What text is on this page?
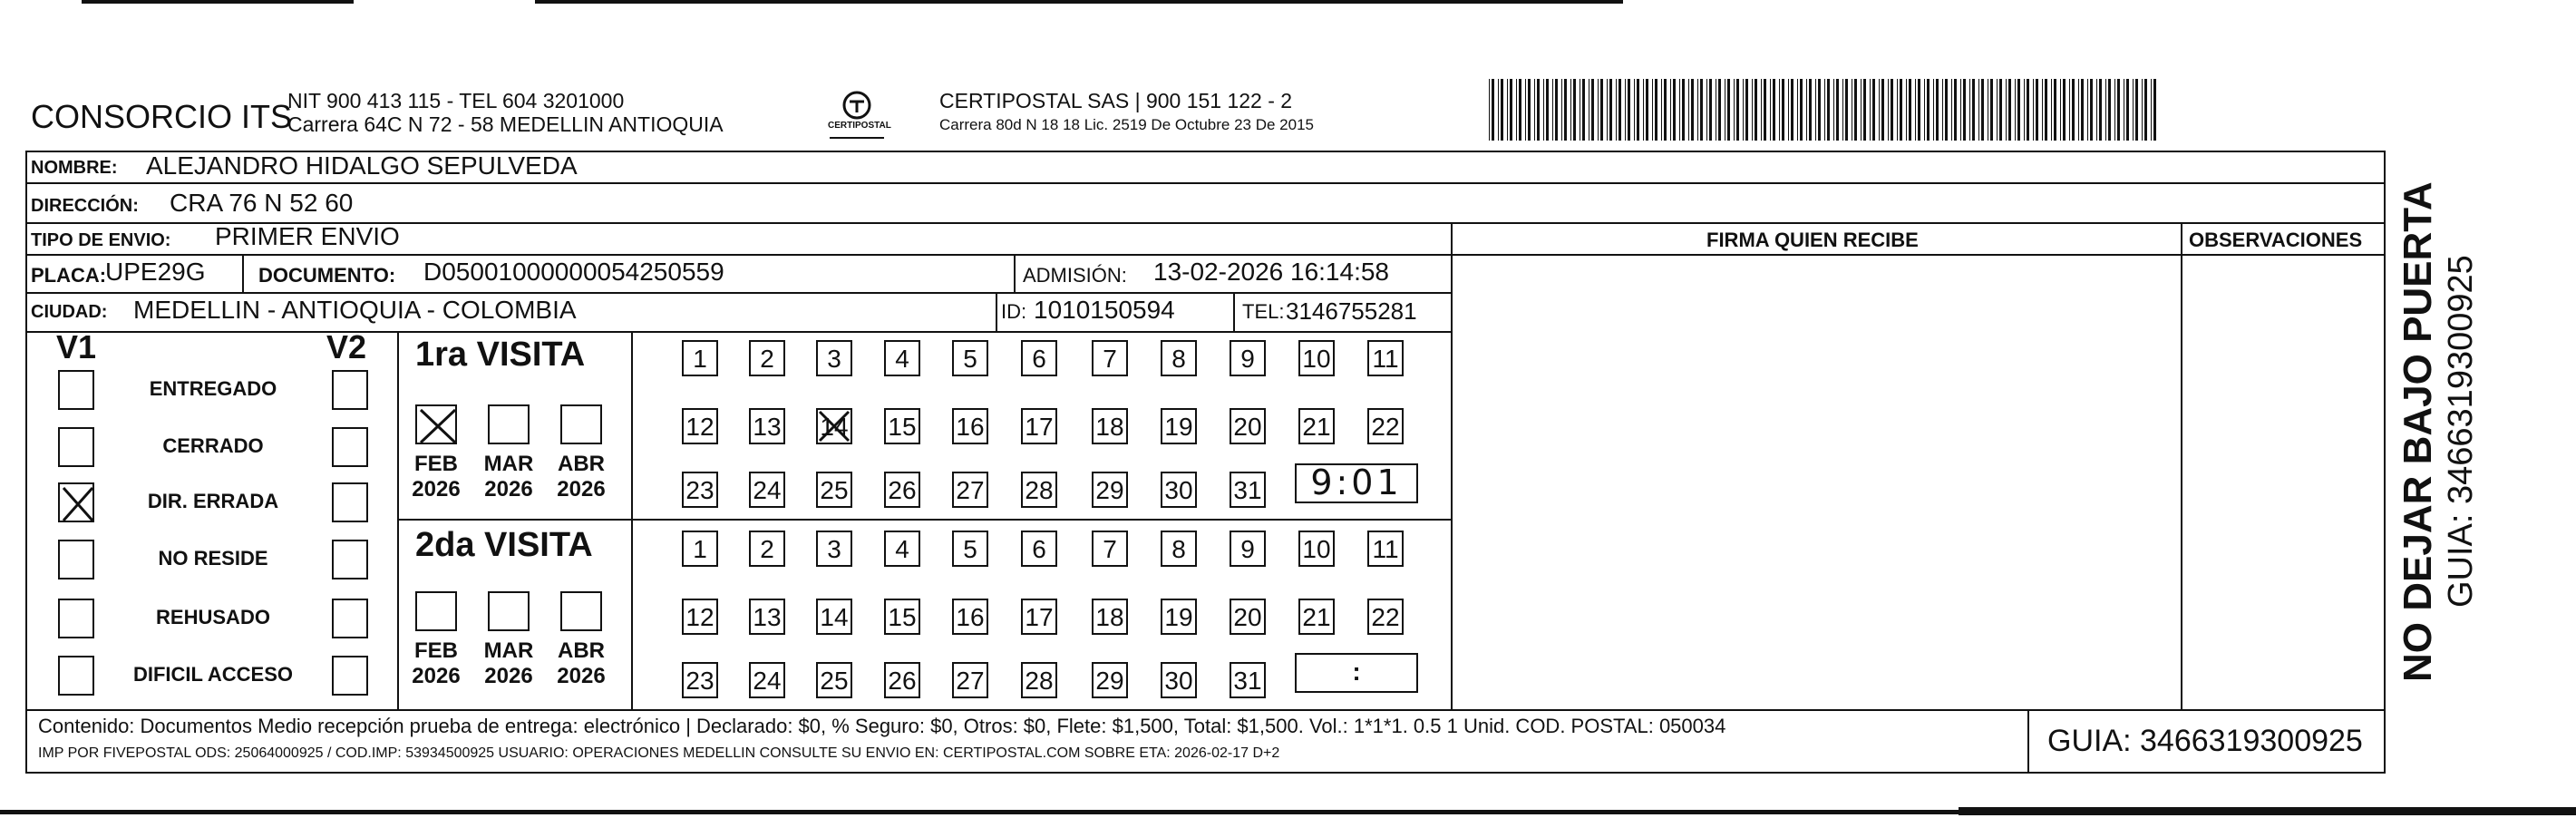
CONSORCIO ITS
NIT 900 413 115 - TEL 604 3201000
Carrera 64C N 72 - 58 MEDELLIN ANTIOQUIA	CERTIPOSTAL
CERTIPOSTAL SAS | 900 151 122 - 2
Carrera 80d N 18 18 Lic. 2519 De Octubre 23 De 2015
NOMBRE: ALEJANDRO HIDALGO SEPULVEDA
DIRECCIÓN: CRA 76 N 52 60
TIPO DE ENVIO: PRIMER ENVIO
PLACA:
UPE29G	DOCUMENTO: D05001000000054250559	ADMISIÓN: 13-02-2026 16:14:58
CIUDAD: MEDELLIN - ANTIOQUIA - COLOMBIA	ID: 1010150594	TEL: 3146755281
FIRMA QUIEN RECIBE	OBSERVACIONES
V1	V2
ENTREGADO
CERRADO
DIR. ERRADA
NO RESIDE
REHUSADO
DIFICIL ACCESO
1ra VISITA
2da VISITA
FEB
2026
MAR
2026
ABR
2026
FEB
2026
MAR
2026
ABR
2026
1	2	3	4	5	6	7	8	9	10 11
12 13 14 15 16 17 18 19 20 21 22
23 24 25 26 27 28 29 30 31
1	2	3	4	5	6	7	8	9	10 11
12 13 14 15 16 17 18 19 20 21 22
23 24 25 26 27 28 29 30 31
9:01
:
Contenido: Documentos Medio recepción prueba de entrega: electrónico | Declarado: $0, % Seguro: $0, Otros: $0, Flete: $1,500, Total: $1,500. Vol.: 1*1*1. 0.5 1 Unid. COD. POSTAL: 050034
IMP POR FIVEPOSTAL ODS: 25064000925 / COD.IMP: 53934500925 USUARIO: OPERACIONES MEDELLIN CONSULTE SU ENVIO EN: CERTIPOSTAL.COM SOBRE ETA: 2026-02-17 D+2	GUIA: 3466319300925
NO DEJAR BAJO PUERTA GUIA: 3466319300925
